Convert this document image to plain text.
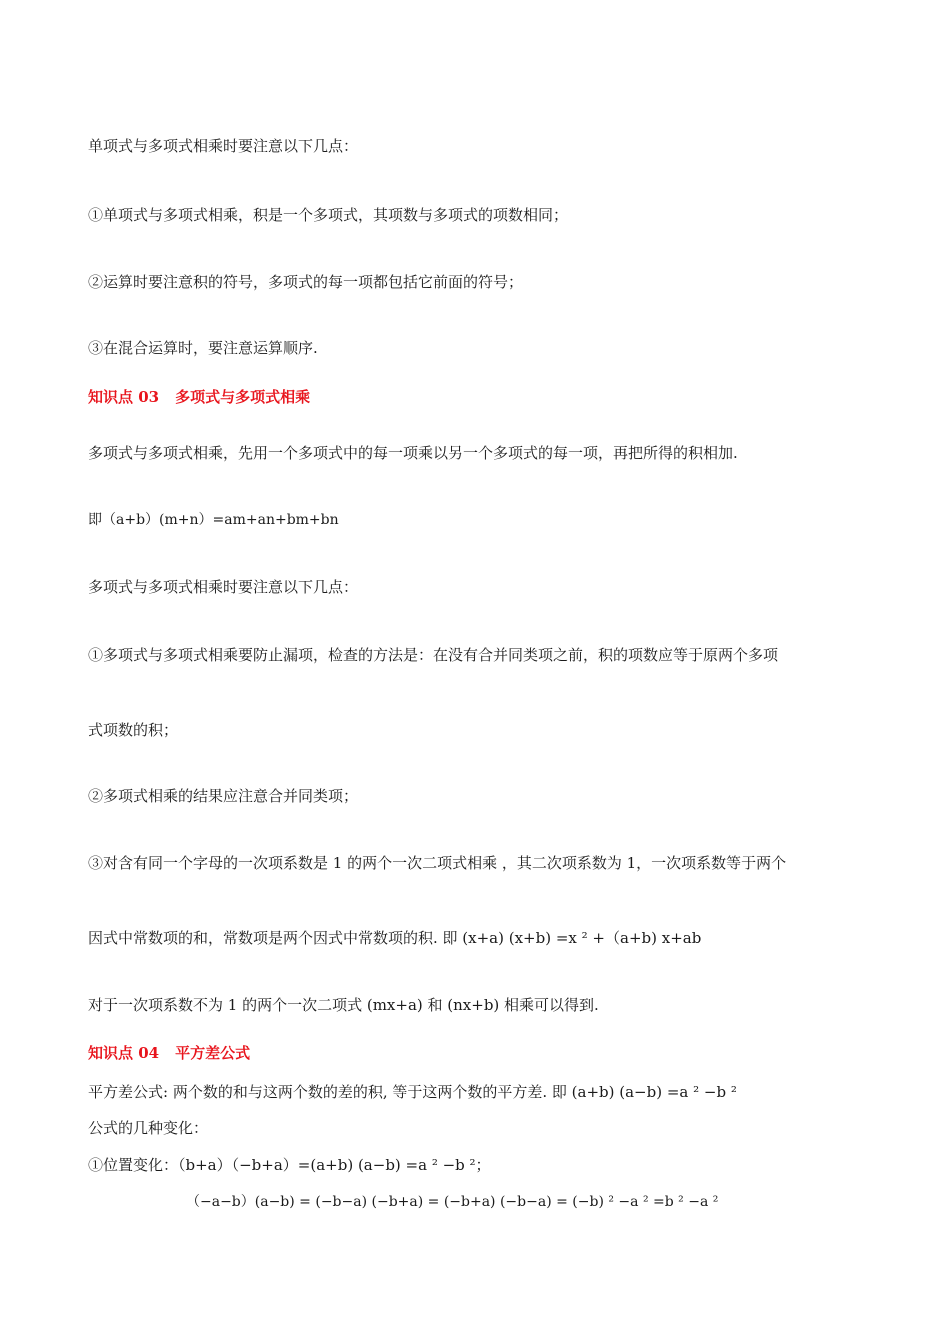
单项式与多项式相乘时要注意以下几点：

①单项式与多项式相乘，积是一个多项式，其项数与多项式的项数相同；

②运算时要注意积的符号，多项式的每一项都包括它前面的符号；

③在混合运算时，要注意运算顺序.

知识点 03 多项式与多项式相乘

多项式与多项式相乘，先用一个多项式中的每一项乘以另一个多项式的每一项，再把所得的积相加.

即（a+b）(m+n）=am+an+bm+bn

多项式与多项式相乘时要注意以下几点：

①多项式与多项式相乘要防止漏项，检查的方法是：在没有合并同类项之前，积的项数应等于原两个多项

式项数的积；

②多项式相乘的结果应注意合并同类项；

③对含有同一个字母的一次项系数是 1 的两个一次二项式相乘 ，其二次项系数为 1，一次项系数等于两个

因式中常数项的和，常数项是两个因式中常数项的积. 即 (x+a) (x+b) =x ² +（a+b) x+ab

对于一次项系数不为 1 的两个一次二项式 (mx+a) 和 (nx+b) 相乘可以得到.

知识点 04 平方差公式

平方差公式: 两个数的和与这两个数的差的积, 等于这两个数的平方差. 即 (a+b) (a−b) =a ² −b ²

公式的几种变化：

①位置变化：（b+a）（−b+a）=(a+b) (a−b) =a ² −b ²；

（−a−b）(a−b) = (−b−a) (−b+a) = (−b+a) (−b−a) = (−b) ² −a ² =b ² −a ²
